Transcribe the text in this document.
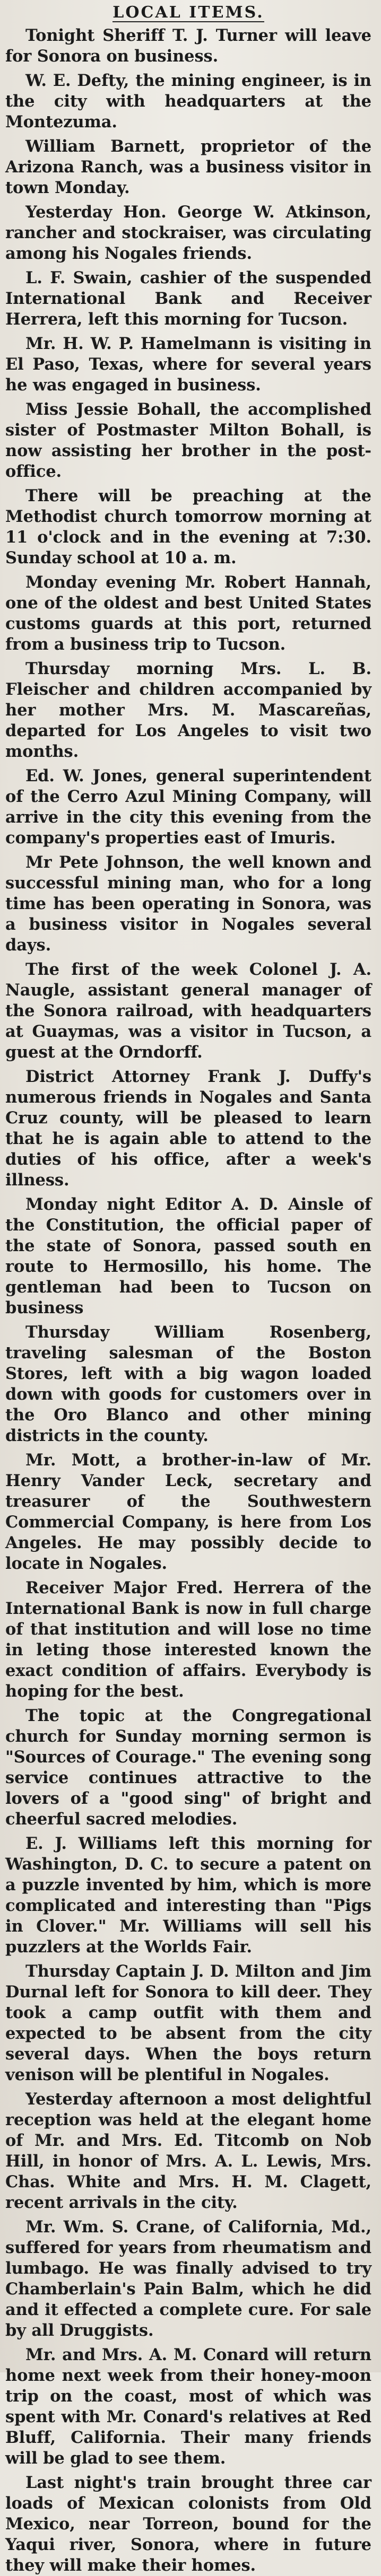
LOCAL ITEMS.

Tonight Sheriff T. J. Turner will leave for Sonora on business.

W. E. Defty, the mining engineer, is in the city with headquarters at the Montezuma.

William Barnett, proprietor of the Arizona Ranch, was a business visitor in town Monday.

Yesterday Hon. George W. Atkinson, rancher and stockraiser, was circulating among his Nogales friends.

L. F. Swain, cashier of the suspended International Bank and Receiver Herrera, left this morning for Tucson.

Mr. H. W. P. Hamelmann is visiting in El Paso, Texas, where for several years he was engaged in business.

Miss Jessie Bohall, the accomplished sister of Postmaster Milton Bohall, is now assisting her brother in the post-office.

There will be preaching at the Methodist church tomorrow morning at 11 o'clock and in the evening at 7:30. Sunday school at 10 a. m.

Monday evening Mr. Robert Hannah, one of the oldest and best United States customs guards at this port, returned from a business trip to Tucson.

Thursday morning Mrs. L. B. Fleischer and children accompanied by her mother Mrs. M. Mascareñas, departed for Los Angeles to visit two months.

Ed. W. Jones, general superintendent of the Cerro Azul Mining Company, will arrive in the city this evening from the company's properties east of Imuris.

Mr Pete Johnson, the well known and successful mining man, who for a long time has been operating in Sonora, was a business visitor in Nogales several days.

The first of the week Colonel J. A. Naugle, assistant general manager of the Sonora railroad, with headquarters at Guaymas, was a visitor in Tucson, a guest at the Orndorff.

District Attorney Frank J. Duffy's numerous friends in Nogales and Santa Cruz county, will be pleased to learn that he is again able to attend to the duties of his office, after a week's illness.

Monday night Editor A. D. Ainsle of the Constitution, the official paper of the state of Sonora, passed south en route to Hermosillo, his home. The gentleman had been to Tucson on business

Thursday William Rosenberg, traveling salesman of the Boston Stores, left with a big wagon loaded down with goods for customers over in the Oro Blanco and other mining districts in the county.

Mr. Mott, a brother-in-law of Mr. Henry Vander Leck, secretary and treasurer of the Southwestern Commercial Company, is here from Los Angeles. He may possibly decide to locate in Nogales.

Receiver Major Fred. Herrera of the International Bank is now in full charge of that institution and will lose no time in leting those interested known the exact condition of affairs. Everybody is hoping for the best.

The topic at the Congregational church for Sunday morning sermon is "Sources of Courage." The evening song service continues attractive to the lovers of a "good sing" of bright and cheerful sacred melodies.

E. J. Williams left this morning for Washington, D. C. to secure a patent on a puzzle invented by him, which is more complicated and interesting than "Pigs in Clover." Mr. Williams will sell his puzzlers at the Worlds Fair.

Thursday Captain J. D. Milton and Jim Durnal left for Sonora to kill deer. They took a camp outfit with them and expected to be absent from the city several days. When the boys return venison will be plentiful in Nogales.

Yesterday afternoon a most delightful reception was held at the elegant home of Mr. and Mrs. Ed. Titcomb on Nob Hill, in honor of Mrs. A. L. Lewis, Mrs. Chas. White and Mrs. H. M. Clagett, recent arrivals in the city.

Mr. Wm. S. Crane, of California, Md., suffered for years from rheumatism and lumbago. He was finally advised to try Chamberlain's Pain Balm, which he did and it effected a complete cure. For sale by all Druggists.

Mr. and Mrs. A. M. Conard will return home next week from their honey-moon trip on the coast, most of which was spent with Mr. Conard's relatives at Red Bluff, California. Their many friends will be glad to see them.

Last night's train brought three car loads of Mexican colonists from Old Mexico, near Torreon, bound for the Yaqui river, Sonora, where in future they will make their homes.
